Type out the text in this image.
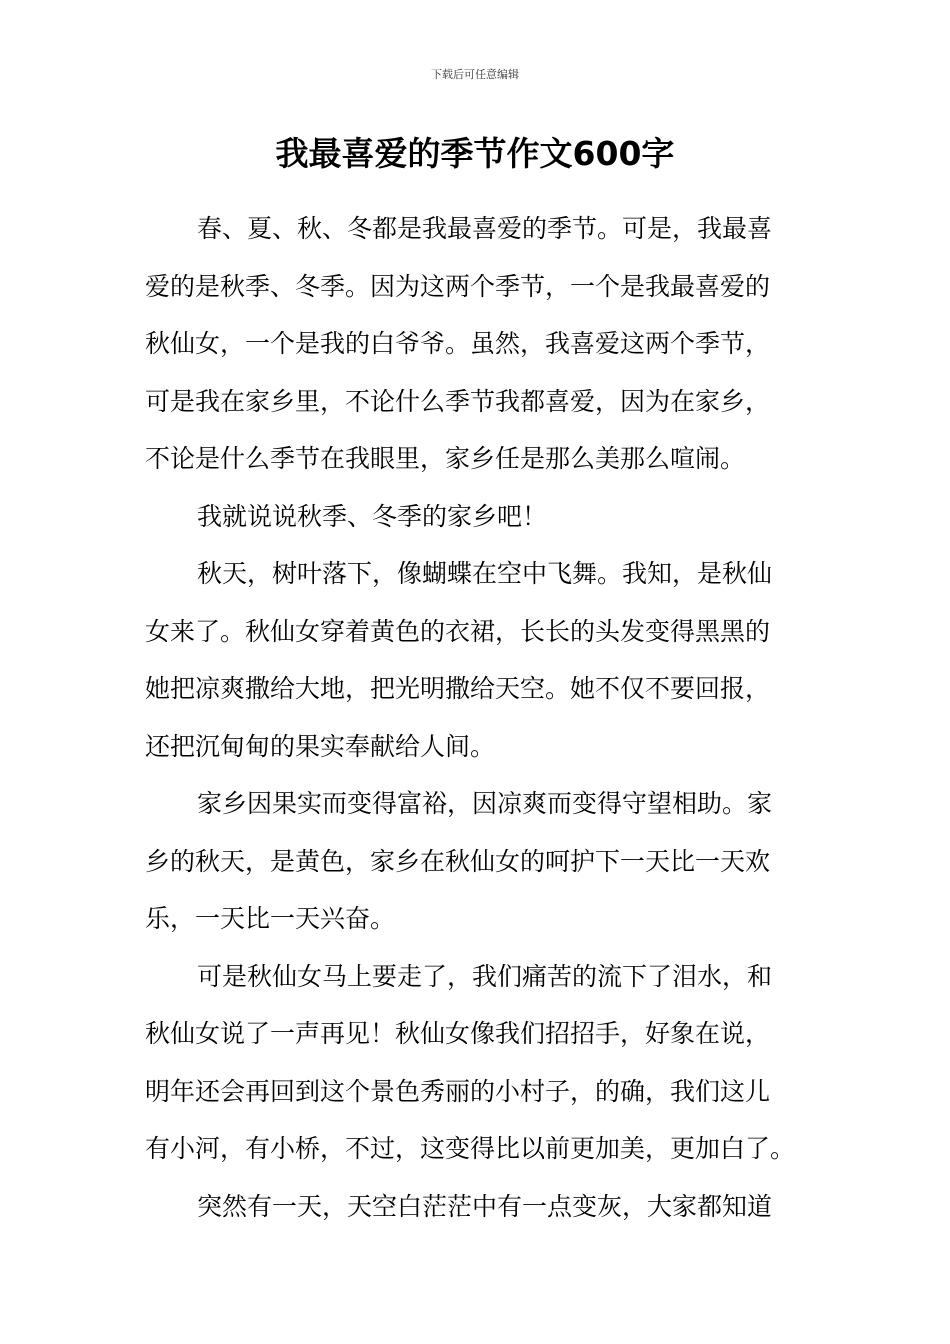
下载后可任意编辑
我最喜爱的季节作文600字

春、夏、秋、冬都是我最喜爱的季节。可是，我最喜
爱的是秋季、冬季。因为这两个季节，一个是我最喜爱的
秋仙女，一个是我的白爷爷。虽然，我喜爱这两个季节，
可是我在家乡里，不论什么季节我都喜爱，因为在家乡，
不论是什么季节在我眼里，家乡任是那么美那么喧闹。

我就说说秋季、冬季的家乡吧！

秋天，树叶落下，像蝴蝶在空中飞舞。我知，是秋仙
女来了。秋仙女穿着黄色的衣裙，长长的头发变得黑黑的
她把凉爽撒给大地，把光明撒给天空。她不仅不要回报，
还把沉甸甸的果实奉献给人间。

家乡因果实而变得富裕，因凉爽而变得守望相助。家
乡的秋天，是黄色，家乡在秋仙女的呵护下一天比一天欢
乐，一天比一天兴奋。

可是秋仙女马上要走了，我们痛苦的流下了泪水，和
秋仙女说了一声再见！秋仙女像我们招招手，好象在说，
明年还会再回到这个景色秀丽的小村子，的确，我们这儿
有小河，有小桥，不过，这变得比以前更加美，更加白了。

突然有一天，天空白茫茫中有一点变灰，大家都知道
